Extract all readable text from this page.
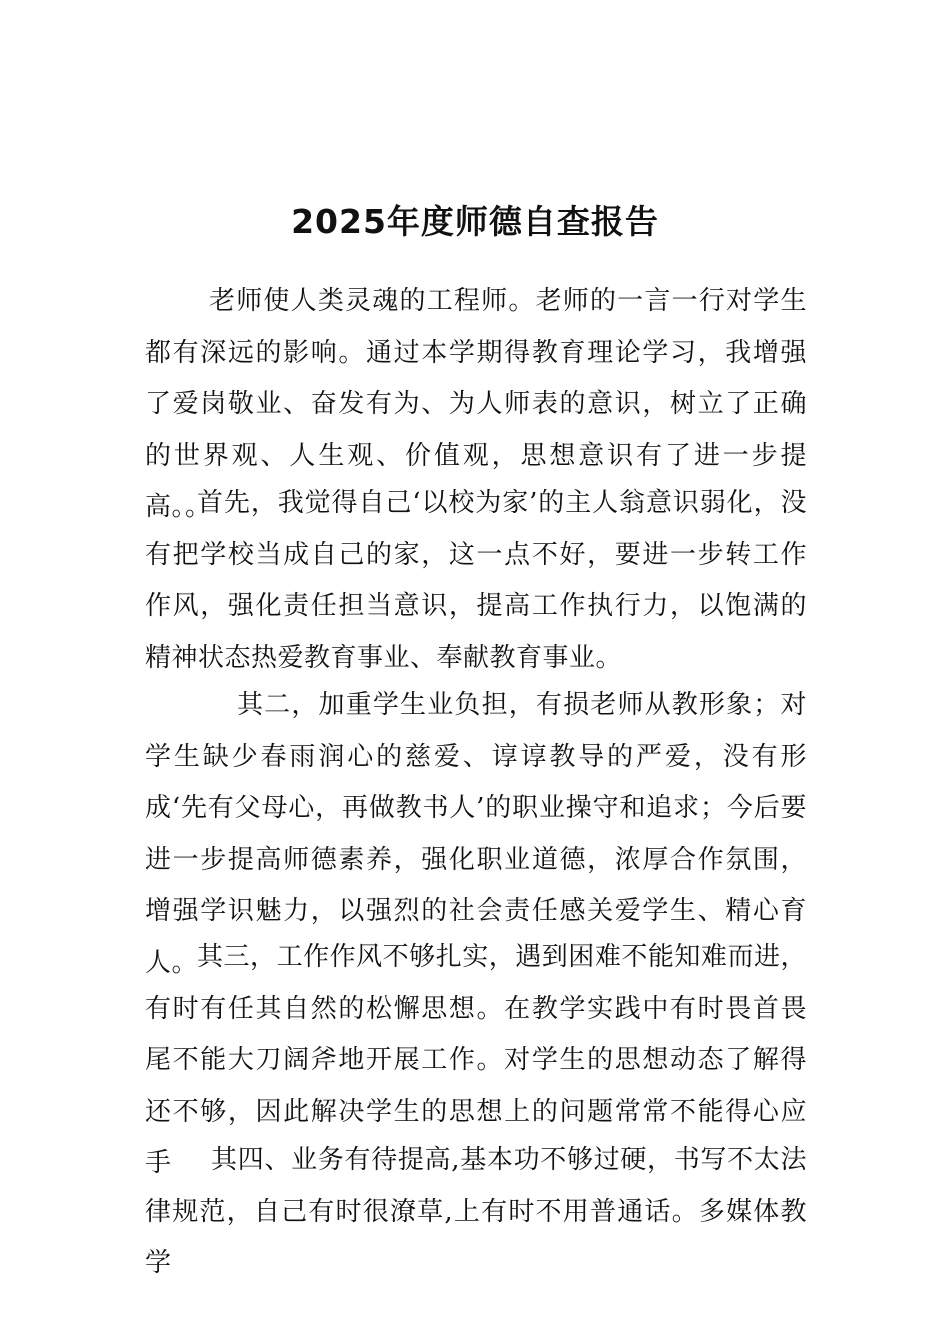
2025年度师德自查报告

老师使人类灵魂的工程师。老师的一言一行对学生都有深远的影响。通过本学期得教育理论学习，我增强了爱岗敬业、奋发有为、为人师表的意识，树立了正确的世界观、人生观、价值观，思想意识有了进一步提高。。

首先，我觉得自己‘以校为家’的主人翁意识弱化，没有把学校当成自己的家，这一点不好，要进一步转工作作风，强化责任担当意识，提高工作执行力，以饱满的精神状态热爱教育事业、奉献教育事业。

其二，加重学生业负担，有损老师从教形象；对学生缺少春雨润心的慈爱、谆谆教导的严爱，没有形成‘先有父母心，再做教书人’的职业操守和追求；今后要进一步提高师德素养，强化职业道德，浓厚合作氛围，增强学识魅力，以强烈的社会责任感关爱学生、精心育人。

其三，工作作风不够扎实，遇到困难不能知难而进，有时有任其自然的松懈思想。在教学实践中有时畏首畏尾不能大刀阔斧地开展工作。对学生的思想动态了解得还不够，因此解决学生的思想上的问题常常不能得心应手	其四、业务有待提高,基本功不够过硬，书写不太法律规范，自己有时很潦草,上有时不用普通话。多媒体教学
